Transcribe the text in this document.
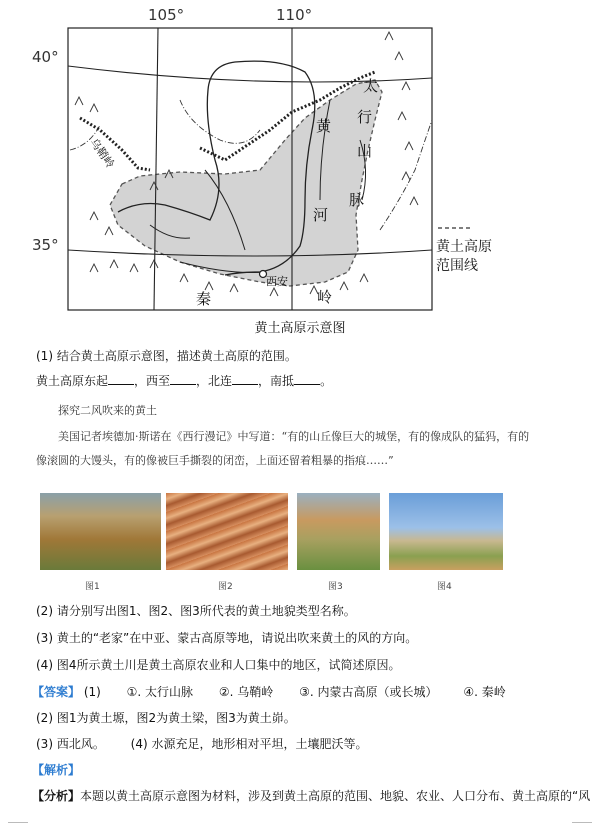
105°	110°
40°
35°
乌鞘岭
黄
河
太
行
山
脉
西安
秦	岭
黄土高原
范围线
黄土高原示意图
(1) 结合黄土高原示意图，描述黄土高原的范围。
黄土高原东起 ，西至 ，北连 ，南抵 。
探究二风吹来的黄土
美国记者埃德加·斯诺在《西行漫记》中写道：“有的山丘像巨大的城堡，有的像成队的猛犸，有的
像滚圆的大馒头，有的像被巨手撕裂的闭峦，上面还留着粗暴的指痕……”
图1	图2	图3	图4
(2) 请分别写出图1、图2、图3所代表的黄土地貌类型名称。
(3) 黄土的“老家”在中亚、蒙古高原等地，请说出吹来黄土的风的方向。
(4) 图4所示黄土川是黄土高原农业和人口集中的地区，试简述原因。
【答案】 (1) ①. 太行山脉 ②. 乌鞘岭 ③. 内蒙古高原（或长城） ④. 秦岭
(2) 图1为黄土塬，图2为黄土梁，图3为黄土峁。
(3) 西北风。 (4) 水源充足，地形相对平坦，土壤肥沃等。
【解析】
【分析】本题以黄土高原示意图为材料，涉及到黄土高原的范围、地貌、农业、人口分布、黄土高原的“风
